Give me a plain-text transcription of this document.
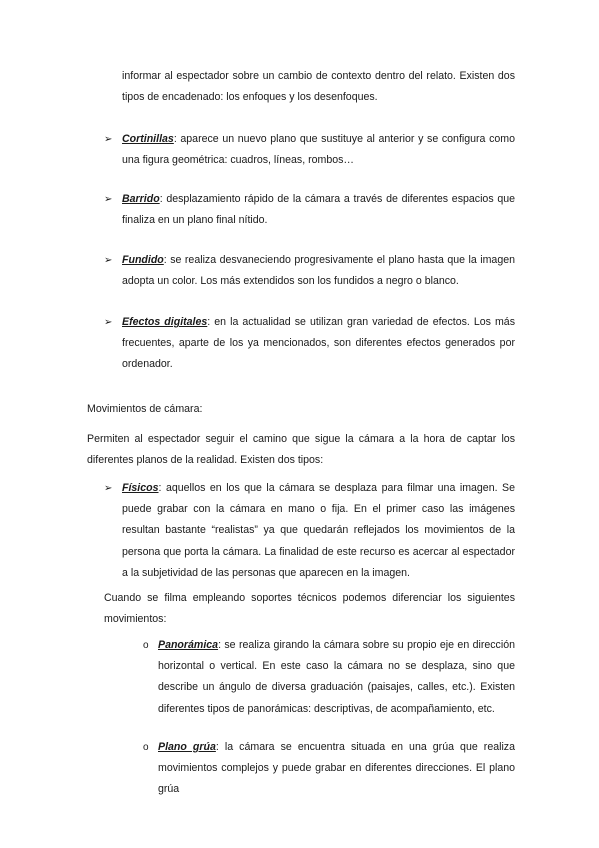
informar al espectador sobre un cambio de contexto dentro del relato. Existen dos tipos de encadenado: los enfoques y los desenfoques.
➢ Cortinillas: aparece un nuevo plano que sustituye al anterior y se configura como una figura geométrica: cuadros, líneas, rombos…
➢ Barrido: desplazamiento rápido de la cámara a través de diferentes espacios que finaliza en un plano final nítido.
➢ Fundido: se realiza desvaneciendo progresivamente el plano hasta que la imagen adopta un color. Los más extendidos son los fundidos a negro o blanco.
➢ Efectos digitales: en la actualidad se utilizan gran variedad de efectos. Los más frecuentes, aparte de los ya mencionados, son diferentes efectos generados por ordenador.
Movimientos de cámara:
Permiten al espectador seguir el camino que sigue la cámara a la hora de captar los diferentes planos de la realidad. Existen dos tipos:
➢ Físicos: aquellos en los que la cámara se desplaza para filmar una imagen. Se puede grabar con la cámara en mano o fija. En el primer caso las imágenes resultan bastante “realistas” ya que quedarán reflejados los movimientos de la persona que porta la cámara. La finalidad de este recurso es acercar al espectador a la subjetividad de las personas que aparecen en la imagen.
Cuando se filma empleando soportes técnicos podemos diferenciar los siguientes movimientos:
o Panorámica: se realiza girando la cámara sobre su propio eje en dirección horizontal o vertical. En este caso la cámara no se desplaza, sino que describe un ángulo de diversa graduación (paisajes, calles, etc.). Existen diferentes tipos de panorámicas: descriptivas, de acompañamiento, etc.
o Plano grúa: la cámara se encuentra situada en una grúa que realiza movimientos complejos y puede grabar en diferentes direcciones. El plano grúa
